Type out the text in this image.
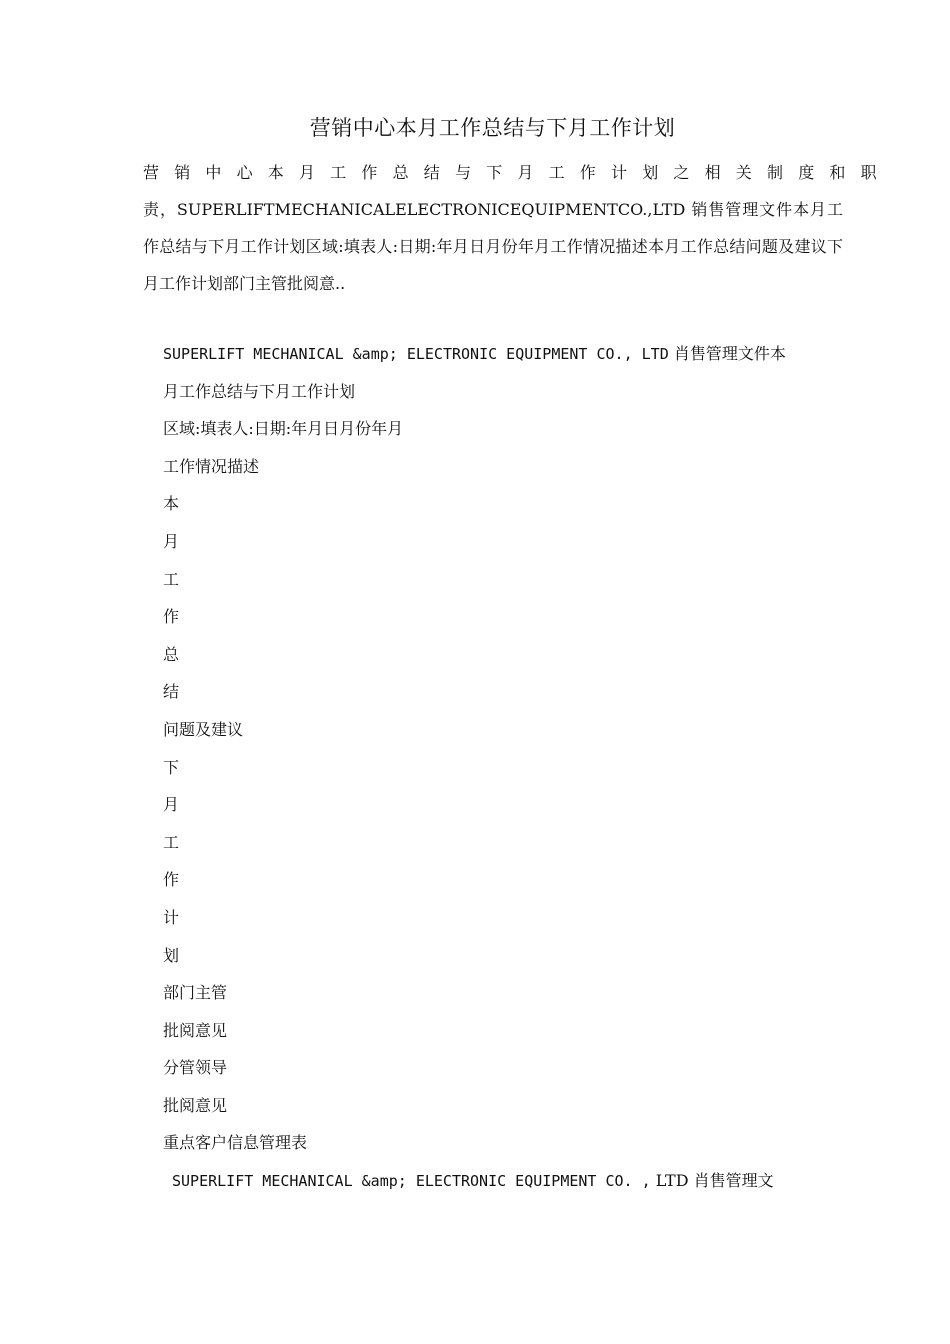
营销中心本月工作总结与下月工作计划
营销中心本月工作总结与下月工作计划之相关制度和职
责，SUPERLIFTMECHANICALELECTRONICEQUIPMENTCO.,LTD 销售管理文件本月工作总结与下月工作计划区域:填表人:日期:年月日月份年月工作情况描述本月工作总结问题及建议下月工作计划部门主管批阅意..
SUPERLIFT MECHANICAL &amp; ELECTRONIC EQUIPMENT CO., LTD 肖售管理文件本
月工作总结与下月工作计划
区域:填表人:日期:年月日月份年月
工作情况描述
本
月
工
作
总
结
问题及建议
下
月
工
作
计
划
部门主管
批阅意见
分管领导
批阅意见
重点客户信息管理表
SUPERLIFT MECHANICAL &amp; ELECTRONIC EQUIPMENT CO. , LTD 肖售管理文
